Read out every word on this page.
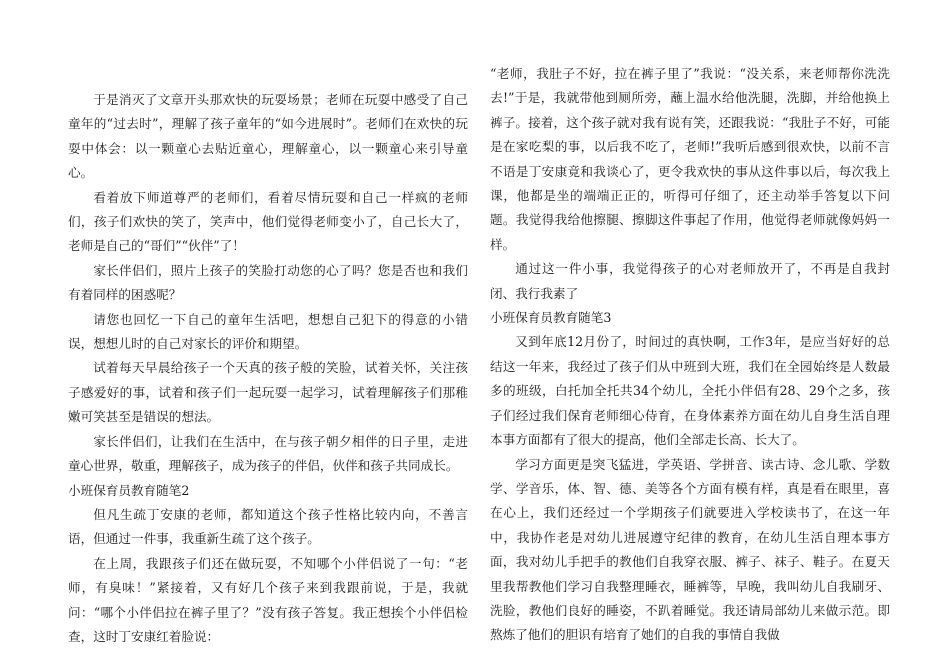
于是消灭了文章开头那欢快的玩耍场景；老师在玩耍中感受了自己童年的“过去时”，理解了孩子童年的“如今进展时”。老师们在欢快的玩耍中体会：以一颗童心去贴近童心，理解童心，以一颗童心来引导童心。

看着放下师道尊严的老师们，看着尽情玩耍和自己一样疯的老师们，孩子们欢快的笑了，笑声中，他们觉得老师变小了，自己长大了，老师是自己的“哥们”“伙伴”了！

家长伴侣们，照片上孩子的笑脸打动您的心了吗？您是否也和我们有着同样的困惑呢？

请您也回忆一下自己的童年生活吧，想想自己犯下的得意的小错误，想想儿时的自己对家长的评价和期望。

试着每天早晨给孩子一个天真的孩子般的笑脸，试着关怀，关注孩子感爱好的事，试着和孩子们一起玩耍一起学习，试着理解孩子们那稚嫩可笑甚至是错误的想法。

家长伴侣们，让我们在生活中，在与孩子朝夕相伴的日子里，走进童心世界，敬重，理解孩子，成为孩子的伴侣，伙伴和孩子共同成长。

小班保育员教育随笔2

但凡生疏丁安康的老师，都知道这个孩子性格比较内向，不善言语，但通过一件事，我重新生疏了这个孩子。

在上周，我跟孩子们还在做玩耍，不知哪个小伴侣说了一句：“老师，有臭味！”紧接着，又有好几个孩子来到我跟前说，于是，我就问：“哪个小伴侣拉在裤子里了？”没有孩子答复。我正想挨个小伴侣检查，这时丁安康红着脸说：

“老师，我肚子不好，拉在裤子里了”我说：“没关系，来老师帮你洗洗去!”于是，我就带他到厕所旁，蘸上温水给他洗腿，洗脚，并给他换上裤子。接着，这个孩子就对我有说有笑，还跟我说：“我肚子不好，可能是在家吃梨的事，以后我不吃了，老师!”我听后感到很欢快，以前不言不语是丁安康竟和我谈心了，更令我欢快的事从这件事以后，每次我上课，他都是坐的端端正正的，听得可仔细了，还主动举手答复以下问题。我觉得我给他擦腿、擦脚这件事起了作用，他觉得老师就像妈妈一样。

通过这一件小事，我觉得孩子的心对老师放开了，不再是自我封闭、我行我素了

小班保育员教育随笔3

又到年底12月份了，时间过的真快啊，工作3年，是应当好好的总结这一年来，我经过了孩子们从中班到大班，我们在全园始终是人数最多的班级，白托加全托共34个幼儿，全托小伴侣有28、29个之多，孩子们经过我们保育老师细心侍育，在身体素养方面在幼儿自身生活自理本事方面都有了很大的提高，他们全部走长高、长大了。

学习方面更是突飞猛进，学英语、学拼音、读古诗、念儿歌、学数学、学音乐，体、智、德、美等各个方面有模有样，真是看在眼里，喜在心上，我们还经过一个学期孩子们就要进入学校读书了，在这一年中，我协作老是对幼儿进展遵守纪律的教育，在幼儿生活自理本事方面，我对幼儿手把手的教他们自我穿衣服、裤子、袜子、鞋子。在夏天里我帮教他们学习自我整理睡衣，睡裤等，早晚，我叫幼儿自我刷牙、洗脸，教他们良好的睡姿，不趴着睡觉。我还请局部幼儿来做示范。即熬炼了他们的胆识有培育了她们的自我的事情自我做
